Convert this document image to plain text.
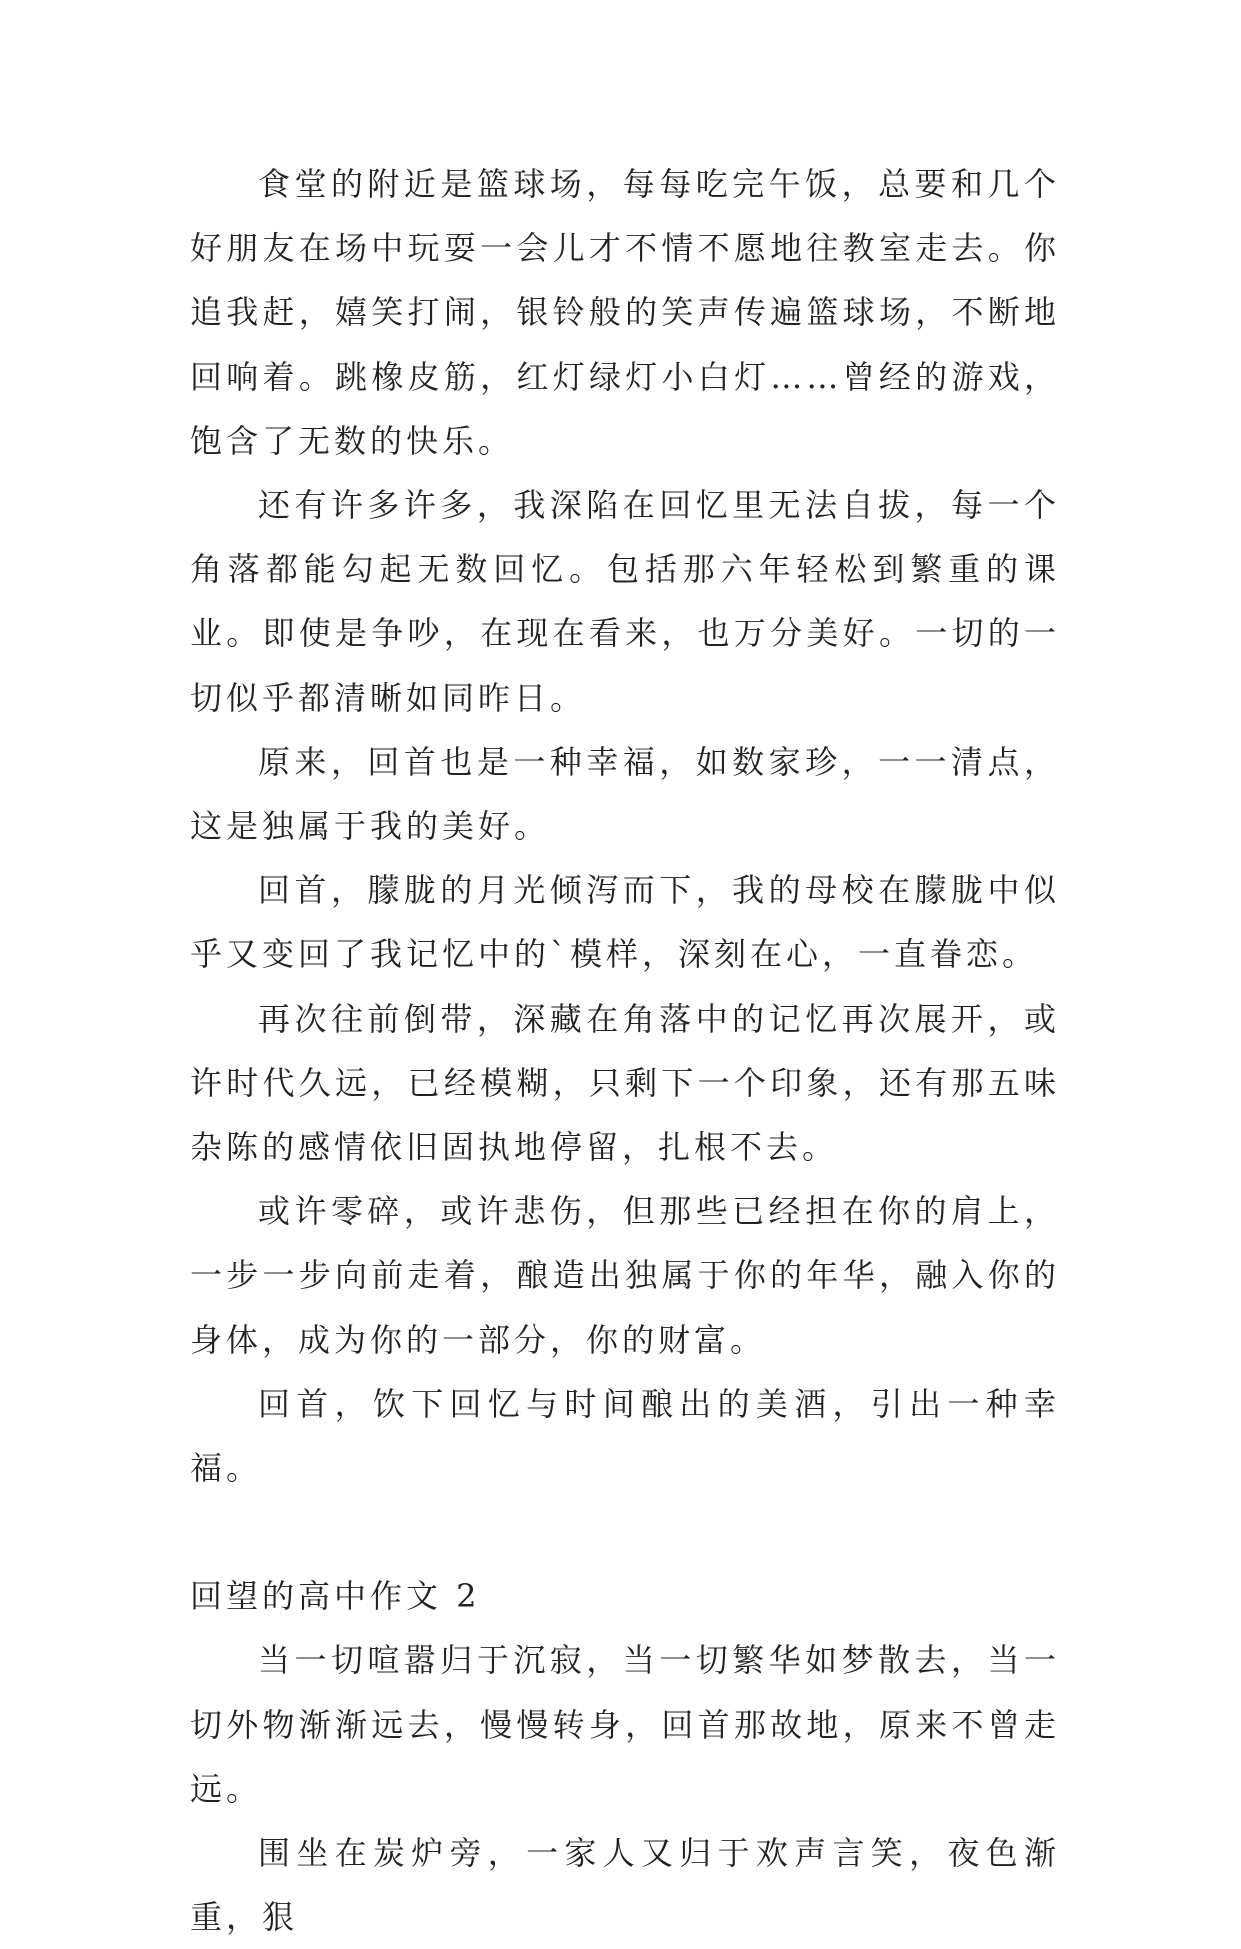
食堂的附近是篮球场，每每吃完午饭，总要和几个好朋友在场中玩耍一会儿才不情不愿地往教室走去。你追我赶，嬉笑打闹，银铃般的笑声传遍篮球场，不断地回响着。跳橡皮筋，红灯绿灯小白灯……曾经的游戏，饱含了无数的快乐。

还有许多许多，我深陷在回忆里无法自拔，每一个角落都能勾起无数回忆。包括那六年轻松到繁重的课业。即使是争吵，在现在看来，也万分美好。一切的一切似乎都清晰如同昨日。

原来，回首也是一种幸福，如数家珍，一一清点，这是独属于我的美好。

回首，朦胧的月光倾泻而下，我的母校在朦胧中似乎又变回了我记忆中的`模样，深刻在心，一直眷恋。

再次往前倒带，深藏在角落中的记忆再次展开，或许时代久远，已经模糊，只剩下一个印象，还有那五味杂陈的感情依旧固执地停留，扎根不去。

或许零碎，或许悲伤，但那些已经担在你的肩上，一步一步向前走着，酿造出独属于你的年华，融入你的身体，成为你的一部分，你的财富。

回首，饮下回忆与时间酿出的美酒，引出一种幸福。

回望的高中作文 2

当一切喧嚣归于沉寂，当一切繁华如梦散去，当一切外物渐渐远去，慢慢转身，回首那故地，原来不曾走远。

围坐在炭炉旁，一家人又归于欢声言笑，夜色渐重，狠
